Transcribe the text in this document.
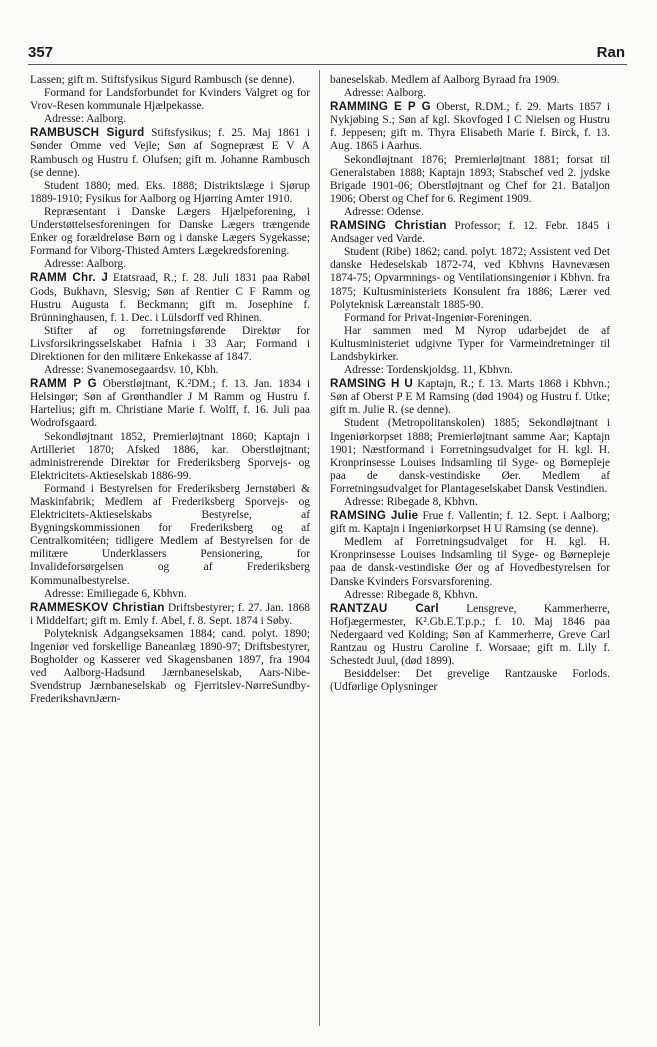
357	Ran

Lassen; gift m. Stiftsfysikus Sigurd Rambusch (se denne).

Formand for Landsforbundet for Kvinders Valgret og for Vrov-Resen kommunale Hjælpekasse.

Adresse: Aalborg.

RAMBUSCH Sigurd Stiftsfysikus; f. 25. Maj 1861 i Sønder Omme ved Vejle; Søn af Sognepræst E V A Rambusch og Hustru f. Olufsen; gift m. Johanne Rambusch (se denne).

Student 1880; med. Eks. 1888; Distriktslæge i Sjørup 1889-1910; Fysikus for Aalborg og Hjørring Amter 1910.

Repræsentant i Danske Lægers Hjælpeforening, i Understøttelsesforeningen for Danske Lægers trængende Enker og forældreløse Børn og i danske Lægers Sygekasse; Formand for Viborg-Thisted Amters Lægekredsforening.

Adresse: Aalborg.

RAMM Chr. J Etatsraad, R.; f. 28. Juli 1831 paa Rabøl Gods, Bukhavn, Slesvig; Søn af Rentier C F Ramm og Hustru Augusta f. Beckmann; gift m. Josephine f. Brünninghausen, f. 1. Dec. i Lülsdorff ved Rhinen.

Stifter af og forretningsførende Direktør for Livsforsikringsselskabet Hafnia i 33 Aar; Formand i Direktionen for den militære Enkekasse af 1847.

Adresse: Svanemosegaardsv. 10, Kbh.

RAMM P G Oberstløjtnant, K.²DM.; f. 13. Jan. 1834 i Helsingør; Søn af Grønthandler J M Ramm og Hustru f. Hartelius; gift m. Christiane Marie f. Wolff, f. 16. Juli paa Wodrofsgaard.

Sekondløjtnant 1852, Premierløjtnant 1860; Kaptajn i Artilleriet 1870; Afsked 1886, kar. Oberstløjtnant; administrerende Direktør for Frederiksberg Sporvejs- og Elektricitets-Aktieselskab 1886-99.

Formand i Bestyrelsen for Frederiksberg Jernstøberi & Maskinfabrik; Medlem af Frederiksberg Sporvejs- og Elektricitets-Aktieselskabs Bestyrelse, af Bygningskommissionen for Frederiksberg og af Centralkomitéen; tidligere Medlem af Bestyrelsen for de militære Underklassers Pensionering, for Invalideforsørgelsen og af Frederiksberg Kommunalbestyrelse.

Adresse: Emiliegade 6, Kbhvn.

RAMMESKOV Christian Driftsbestyrer; f. 27. Jan. 1868 i Middelfart; gift m. Emly f. Abel, f. 8. Sept. 1874 i Søby.

Polyteknisk Adgangseksamen 1884; cand. polyt. 1890; Ingeniør ved forskellige Baneanlæg 1890-97; Driftsbestyrer, Bogholder og Kasserer ved Skagensbanen 1897, fra 1904 ved Aalborg-Hadsund Jærnbaneselskab, Aars-Nibe-Svendstrup Jærnbaneselskab og Fjerritslev-NørreSundby-FrederikshavnJærn-

baneselskab. Medlem af Aalborg Byraad fra 1909.

Adresse: Aalborg.

RAMMING E P G Oberst, R.DM.; f. 29. Marts 1857 i Nykjøbing S.; Søn af kgl. Skovfoged I C Nielsen og Hustru f. Jeppesen; gift m. Thyra Elisabeth Marie f. Birck, f. 13. Aug. 1865 i Aarhus.

Sekondløjtnant 1876; Premierløjtnant 1881; forsat til Generalstaben 1888; Kaptajn 1893; Stabschef ved 2. jydske Brigade 1901-06; Oberstløjtnant og Chef for 21. Bataljon 1906; Oberst og Chef for 6. Regiment 1909.

Adresse: Odense.

RAMSING Christian Professor; f. 12. Febr. 1845 i Andsager ved Varde.

Student (Ribe) 1862; cand. polyt. 1872; Assistent ved Det danske Hedeselskab 1872-74, ved Kbhvns Havnevæsen 1874-75; Opvarmnings- og Ventilationsingeniør i Kbhvn. fra 1875; Kultusministeriets Konsulent fra 1886; Lærer ved Polyteknisk Læreanstalt 1885-90.

Formand for Privat-Ingeniør-Foreningen.

Har sammen med M Nyrop udarbejdet de af Kultusministeriet udgivne Typer for Varmeindretninger til Landsbykirker.

Adresse: Tordenskjoldsg. 11, Kbhvn.

RAMSING H U Kaptajn, R.; f. 13. Marts 1868 i Kbhvn.; Søn af Oberst P E M Ramsing (død 1904) og Hustru f. Utke; gift m. Julie R. (se denne).

Student (Metropolitanskolen) 1885; Sekondløjtnant i Ingeniørkorpset 1888; Premierløjtnant samme Aar; Kaptajn 1901; Næstformand i Forretningsudvalget for H. kgl. H. Kronprinsesse Louises Indsamling til Syge- og Børnepleje paa de dansk-vestindiske Øer. Medlem af Forretningsudvalget for Plantageselskabet Dansk Vestindien.

Adresse: Ribegade 8, Kbhvn.

RAMSING Julie Frue f. Vallentin; f. 12. Sept. i Aalborg; gift m. Kaptajn i Ingeniørkorpset H U Ramsing (se denne).

Medlem af Forretningsudvalget for H. kgl. H. Kronprinsesse Louises Indsamling til Syge- og Børnepleje paa de dansk-vestindiske Øer og af Hovedbestyrelsen for Danske Kvinders Forsvarsforening.

Adresse: Ribegade 8, Kbhvn.

RANTZAU Carl Lensgreve, Kammerherre, Hofjægermester, K².Gb.E.T.p.p.; f. 10. Maj 1846 paa Nedergaard ved Kolding; Søn af Kammerherre, Greve Carl Rantzau og Hustru Caroline f. Worsaae; gift m. Lily f. Schestedt Juul, (død 1899).

Besiddelser: Det grevelige Rantzauske Forlods. (Udførlige Oplysninger
